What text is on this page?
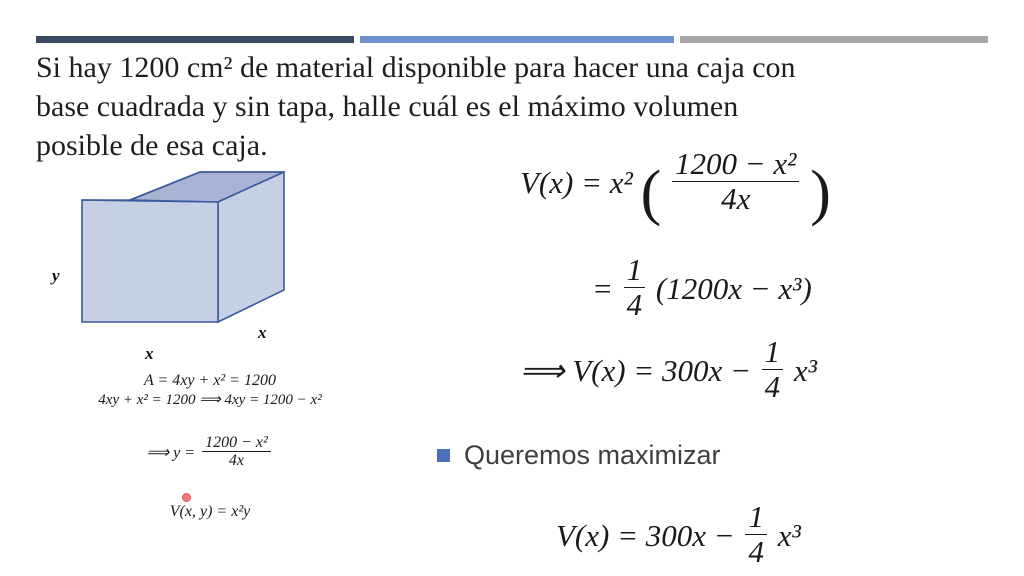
Si hay 1200 cm² de material disponible para hacer una caja con
base cuadrada y sin tapa, halle cuál es el máximo volumen
posible de esa caja.
y
x
x
A = 4xy + x² = 1200
4xy + x² = 1200 ⟹ 4xy = 1200 − x²
⟹ $y = \frac{\text{1200 − x²}}{4x}$
V(x, y) = x²y
V(x) = x² ( $\frac{\text{1200 − x²}}{4x}$ )
= $\frac{1}{4} (1200x - x^3)$
⟹ $V(x) = 300x - \frac{1}{4} x^3$
Queremos maximizar
$V(x) = 300x - \frac{1}{4} x^3$
